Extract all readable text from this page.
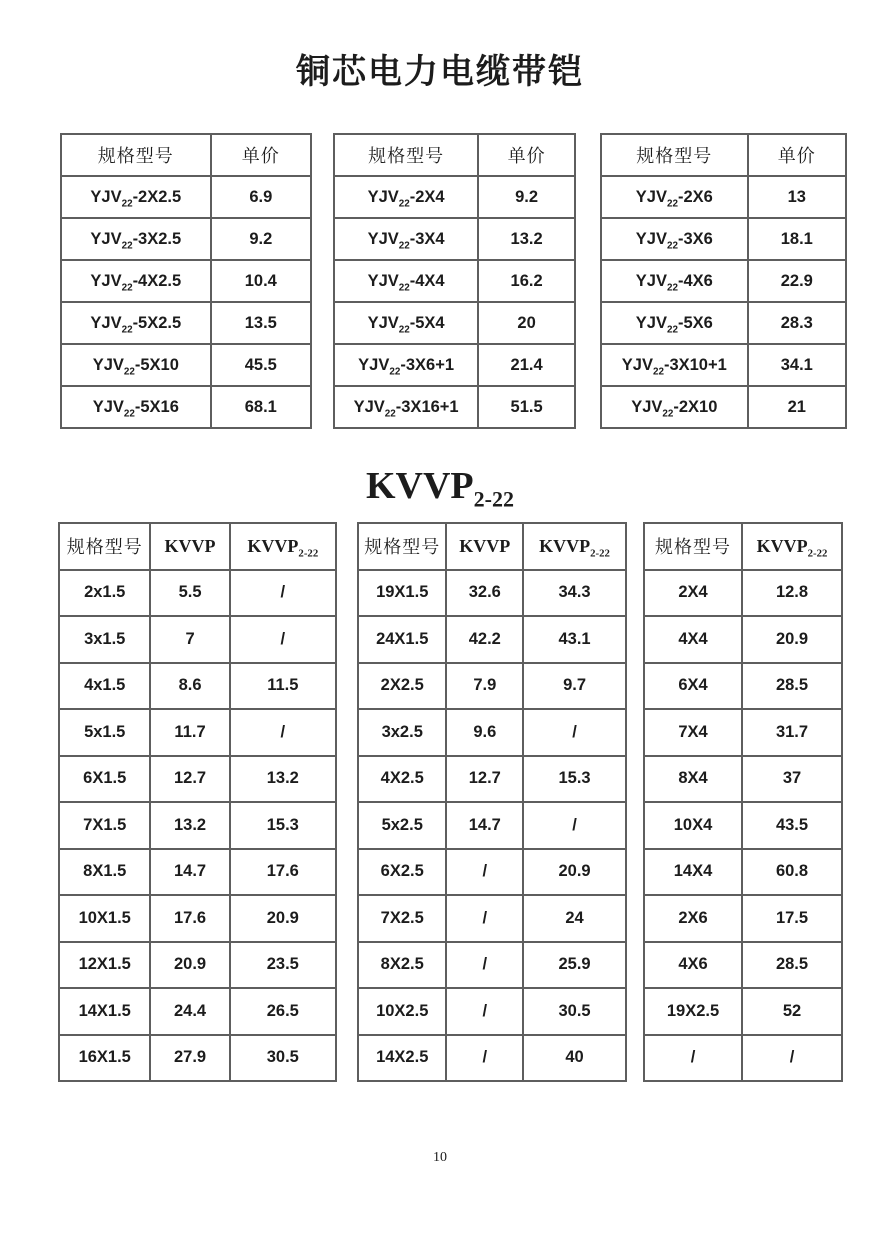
铜芯电力电缆带铠
规格型号	单价
$YJV_{22}-2X2.5$	6.9
$YJV_{22}-3X2.5$	9.2
$YJV_{22}-4X2.5$	10.4
$YJV_{22}-5X2.5$	13.5
$YJV_{22}-5X10$	45.5
$YJV_{22}-5X16$	68.1
规格型号	单价
$YJV_{22}-2X4$	9.2
$YJV_{22}-3X4$	13.2
$YJV_{22}-4X4$	16.2
$YJV_{22}-5X4$	20
$YJV_{22}-3X6+1$	21.4
$YJV_{22}-3X16+1$	51.5
规格型号	单价
$YJV_{22}-2X6$	13
$YJV_{22}-3X6$	18.1
$YJV_{22}-4X6$	22.9
$YJV_{22}-5X6$	28.3
$YJV_{22}-3X10+1$	34.1
$YJV_{22}-2X10$	21
$KVVP_{2-22}$
规格型号	KVVP	$KVVP_{2-22}$
2x1.5	5.5	/
3x1.5	7	/
4x1.5	8.6	11.5
5x1.5	11.7	/
6X1.5	12.7	13.2
7X1.5	13.2	15.3
8X1.5	14.7	17.6
10X1.5	17.6	20.9
12X1.5	20.9	23.5
14X1.5	24.4	26.5
16X1.5	27.9	30.5
规格型号	KVVP	$KVVP_{2-22}$
19X1.5	32.6	34.3
24X1.5	42.2	43.1
2X2.5	7.9	9.7
3x2.5	9.6	/
4X2.5	12.7	15.3
5x2.5	14.7	/
6X2.5	/	20.9
7X2.5	/	24
8X2.5	/	25.9
10X2.5	/	30.5
14X2.5	/	40
规格型号	$KVVP_{2-22}$
2X4	12.8
4X4	20.9
6X4	28.5
7X4	31.7
8X4	37
10X4	43.5
14X4	60.8
2X6	17.5
4X6	28.5
19X2.5	52
/	/
10
